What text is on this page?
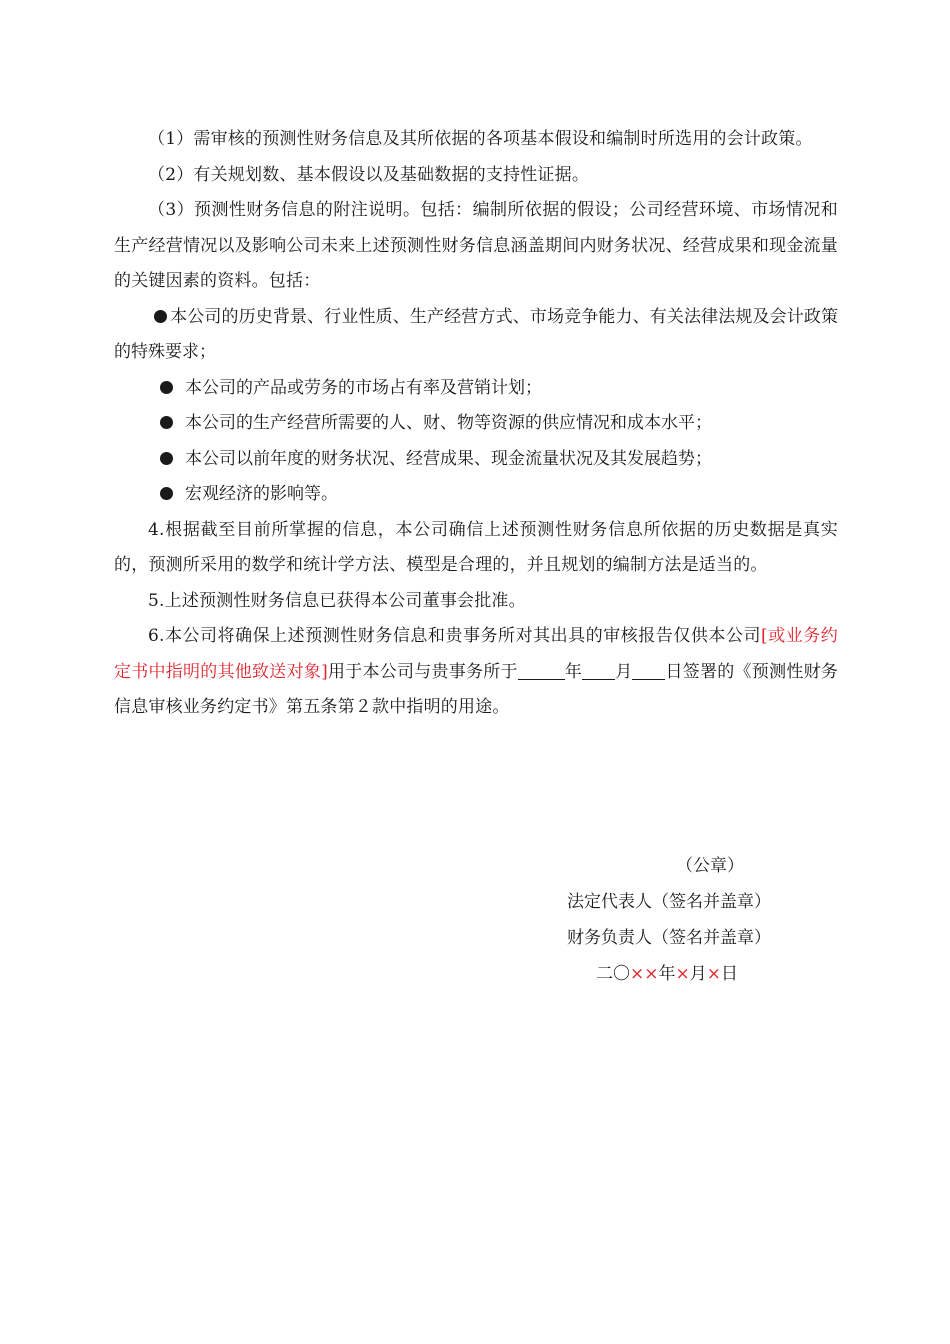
（1）需审核的预测性财务信息及其所依据的各项基本假设和编制时所选用的会计政策。

（2）有关规划数、基本假设以及基础数据的支持性证据。

（3）预测性财务信息的附注说明。包括：编制所依据的假设；公司经营环境、市场情况和生产经营情况以及影响公司未来上述预测性财务信息涵盖期间内财务状况、经营成果和现金流量的关键因素的资料。包括：

本公司的历史背景、行业性质、生产经营方式、市场竞争能力、有关法律法规及会计政策的特殊要求；

本公司的产品或劳务的市场占有率及营销计划；

本公司的生产经营所需要的人、财、物等资源的供应情况和成本水平；

本公司以前年度的财务状况、经营成果、现金流量状况及其发展趋势；

宏观经济的影响等。

4.根据截至目前所掌握的信息，本公司确信上述预测性财务信息所依据的历史数据是真实的，预测所采用的数学和统计学方法、模型是合理的，并且规划的编制方法是适当的。

5.上述预测性财务信息已获得本公司董事会批准。

6.本公司将确保上述预测性财务信息和贵事务所对其出具的审核报告仅供本公司[或业务约定书中指明的其他致送对象]用于本公司与贵事务所于	年 月 日签署的《预测性财务信息审核业务约定书》第五条第２款中指明的用途。

（公章）
法定代表人（签名并盖章）
财务负责人（签名并盖章）
二〇××年×月×日
